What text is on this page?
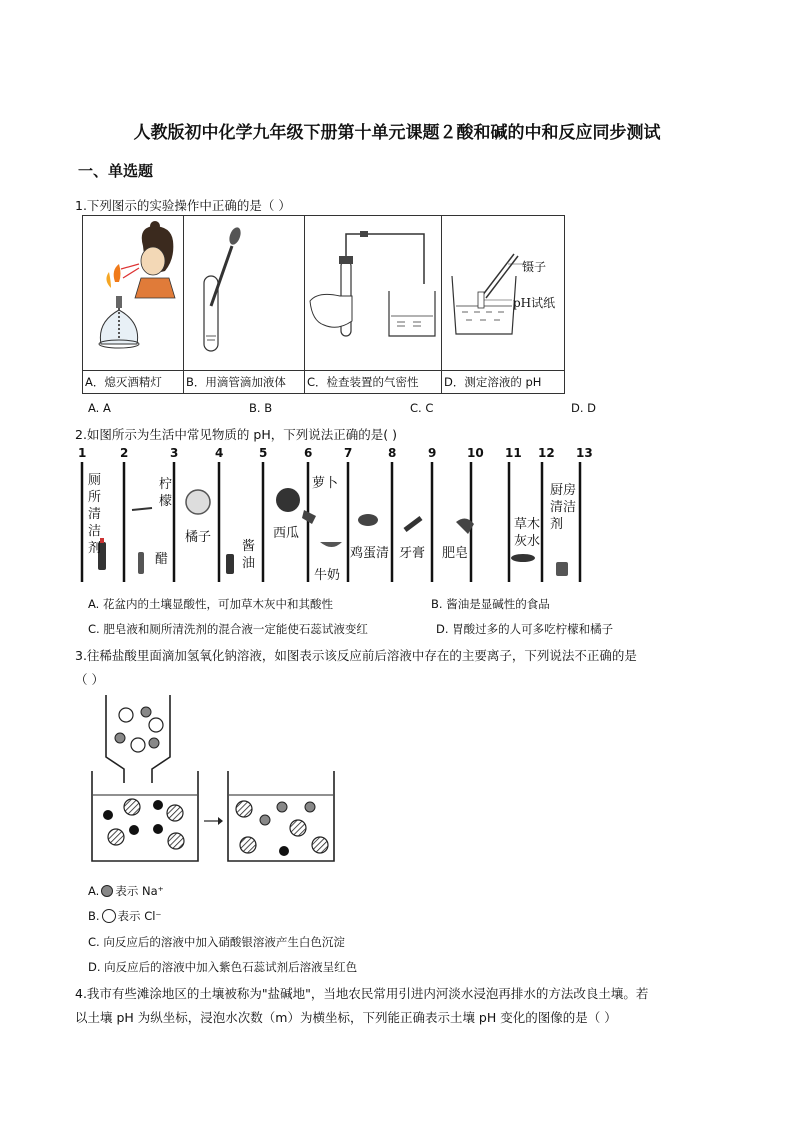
人教版初中化学九年级下册第十单元课题２酸和碱的中和反应同步测试
一、单选题
1.下列图示的实验操作中正确的是（ ）

A．熄灭酒精灯	B．用滴管滴加液体	C．检查装置的气密性	D．测定溶液的 pH
镊子
pH试纸
A. A	B. B	C. C	D. D
2.如图所示为生活中常见物质的 pH，下列说法正确的是( )
1	2	3	4	5	6	7	8	9	10 11 12 13
厕所清洁剂
柠檬
醋
橘子
酱油
西瓜
萝卜
牛奶
鸡蛋清 牙膏 肥皂
草木灰水
厨房清洁剂
A. 花盆内的土壤显酸性，可加草木灰中和其酸性	B. 酱油是显碱性的食品
C. 肥皂液和厕所清洗剂的混合液一定能使石蕊试液变红	D. 胃酸过多的人可多吃柠檬和橘子
3.往稀盐酸里面滴加氢氧化钠溶液，如图表示该反应前后溶液中存在的主要离子，下列说法不正确的是
（ ）
A. 表示 Na⁺
B. 表示 Cl⁻
C. 向反应后的溶液中加入硝酸银溶液产生白色沉淀
D. 向反应后的溶液中加入紫色石蕊试剂后溶液呈红色
4.我市有些滩涂地区的土壤被称为"盐碱地"，当地农民常用引进内河淡水浸泡再排水的方法改良土壤。若
以土壤 pH 为纵坐标，浸泡水次数（m）为横坐标，下列能正确表示土壤 pH 变化的图像的是（ ）
